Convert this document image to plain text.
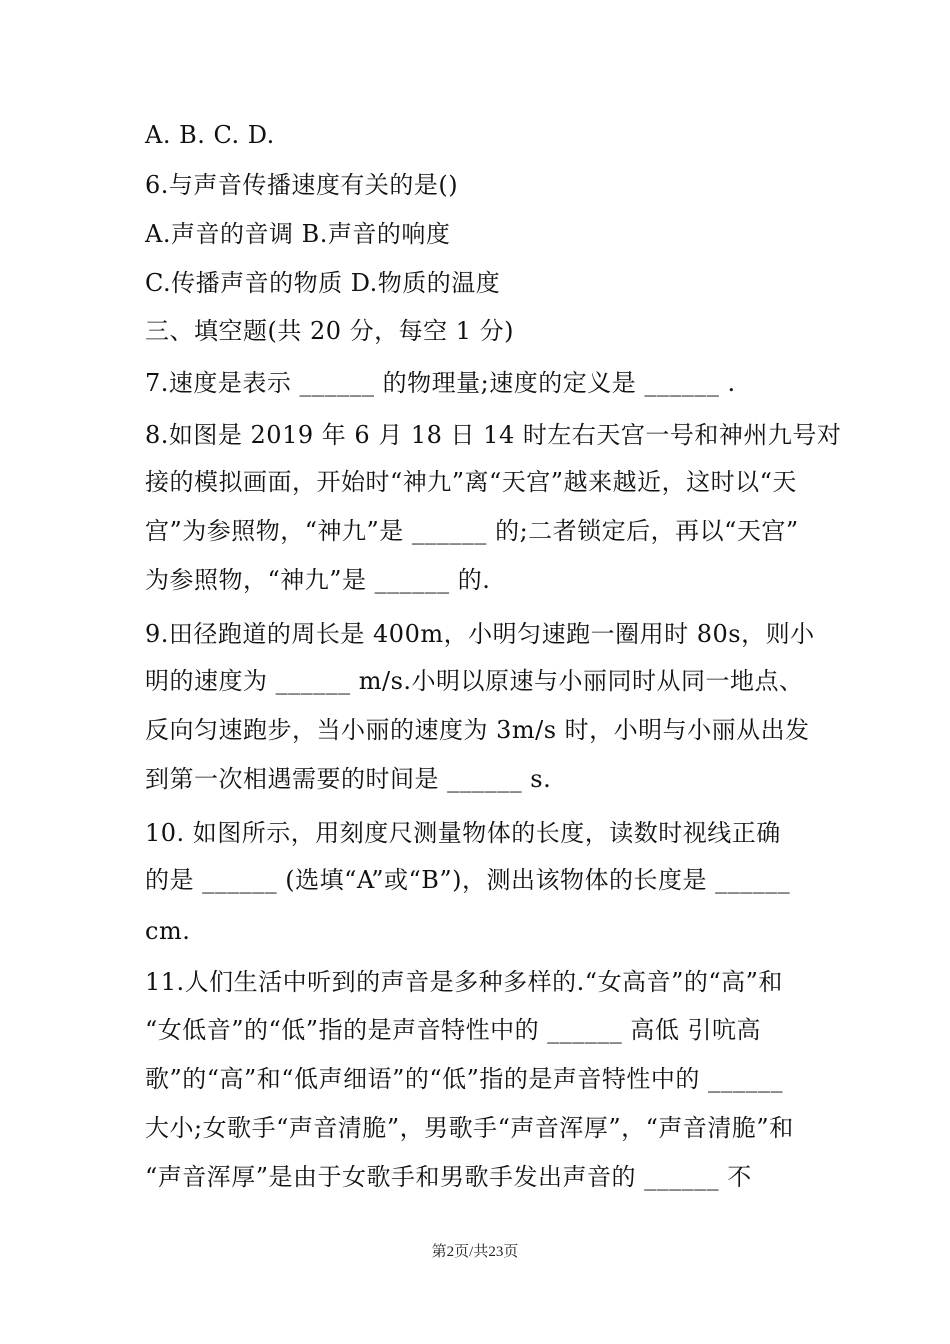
A. B. C. D.
6.与声音传播速度有关的是()
A.声音的音调 B.声音的响度
C.传播声音的物质 D.物质的温度
三、填空题(共 20 分，每空 1 分)
7.速度是表示 ______ 的物理量;速度的定义是 ______ .
8.如图是 2019 年 6 月 18 日 14 时左右天宫一号和神州九号对
接的模拟画面，开始时“神九”离“天宫”越来越近，这时以“天
宫”为参照物，“神九”是 ______ 的;二者锁定后，再以“天宫”
为参照物，“神九”是 ______ 的.
9.田径跑道的周长是 400m，小明匀速跑一圈用时 80s，则小
明的速度为 ______ m/s.小明以原速与小丽同时从同一地点、
反向匀速跑步，当小丽的速度为 3m/s 时，小明与小丽从出发
到第一次相遇需要的时间是 ______ s.
10. 如图所示，用刻度尺测量物体的长度，读数时视线正确
的是 ______ (选填“A”或“B”)，测出该物体的长度是 ______
cm.
11.人们生活中听到的声音是多种多样的.“女高音”的“高”和
“女低音”的“低”指的是声音特性中的 ______ 高低 引吭高
歌”的“高”和“低声细语”的“低”指的是声音特性中的 ______
大小;女歌手“声音清脆”，男歌手“声音浑厚”，“声音清脆”和
“声音浑厚”是由于女歌手和男歌手发出声音的 ______ 不
第2页/共23页
